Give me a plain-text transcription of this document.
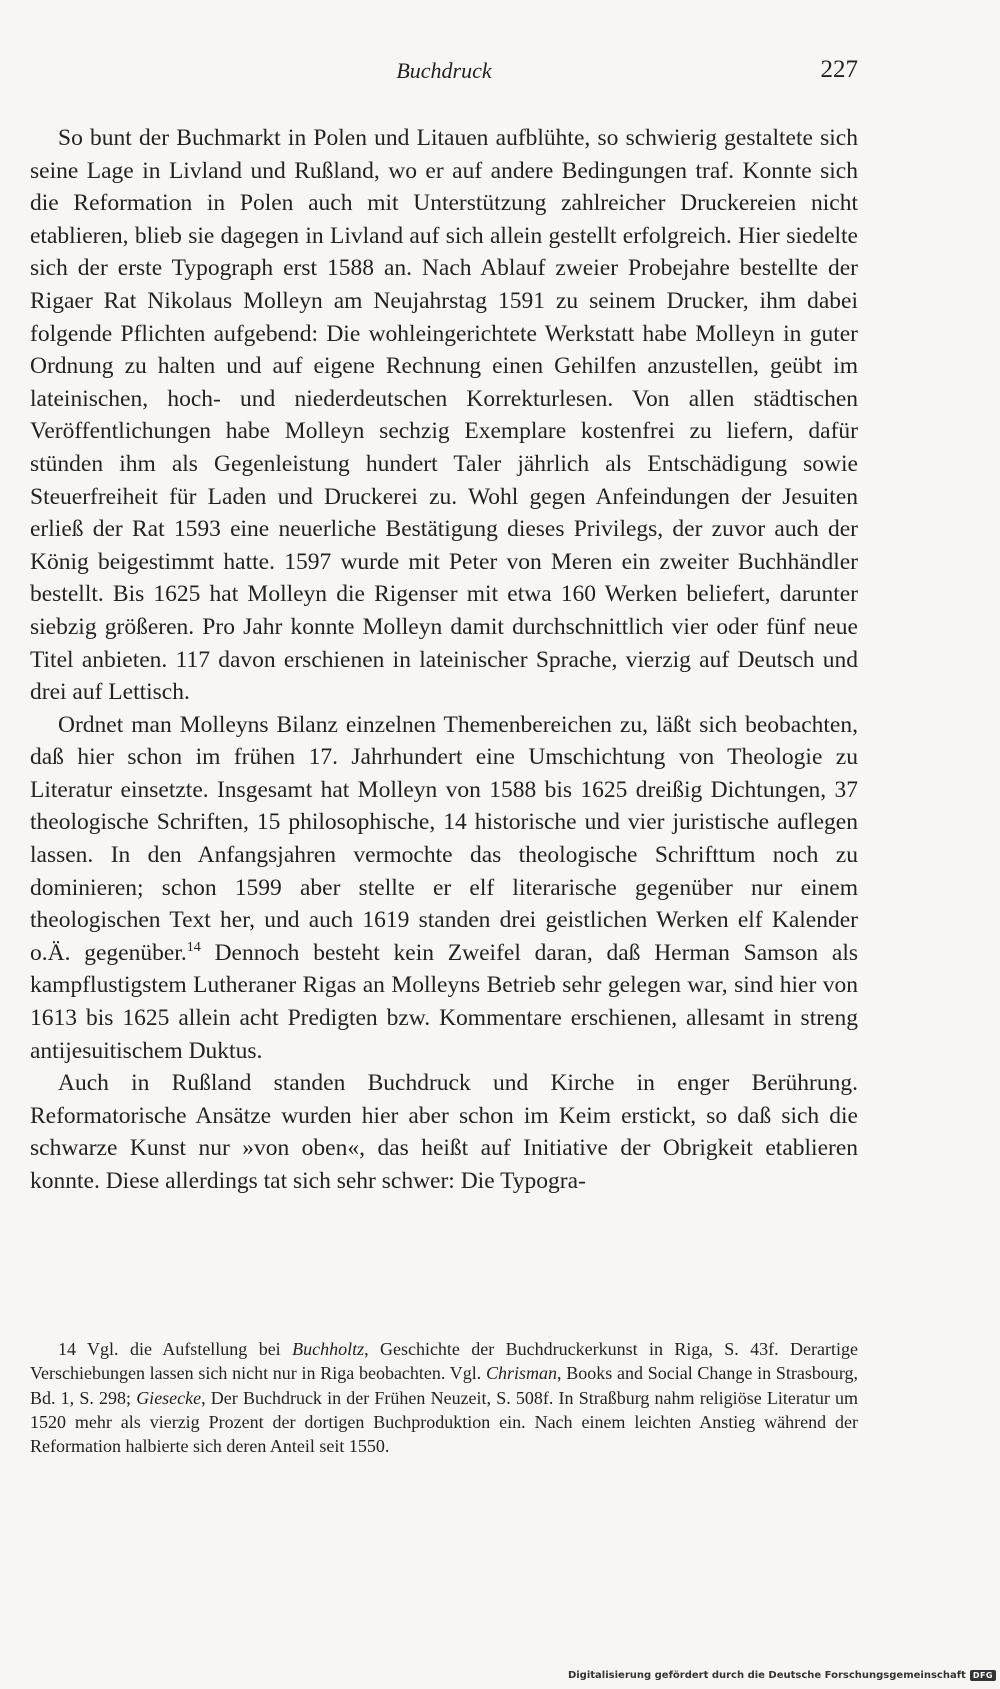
Buchdruck	227

So bunt der Buchmarkt in Polen und Litauen aufblühte, so schwierig gestaltete sich seine Lage in Livland und Rußland, wo er auf andere Bedingungen traf. Konnte sich die Reformation in Polen auch mit Unterstützung zahlreicher Druckereien nicht etablieren, blieb sie dagegen in Livland auf sich allein gestellt erfolgreich. Hier siedelte sich der erste Typograph erst 1588 an. Nach Ablauf zweier Probejahre bestellte der Rigaer Rat Nikolaus Molleyn am Neujahrstag 1591 zu seinem Drucker, ihm dabei folgende Pflichten aufgebend: Die wohleingerichtete Werkstatt habe Molleyn in guter Ordnung zu halten und auf eigene Rechnung einen Gehilfen anzustellen, geübt im lateinischen, hoch- und niederdeutschen Korrekturlesen. Von allen städtischen Veröffentlichungen habe Molleyn sechzig Exemplare kostenfrei zu liefern, dafür stünden ihm als Gegenleistung hundert Taler jährlich als Entschädigung sowie Steuerfreiheit für Laden und Druckerei zu. Wohl gegen Anfeindungen der Jesuiten erließ der Rat 1593 eine neuerliche Bestätigung dieses Privilegs, der zuvor auch der König beigestimmt hatte. 1597 wurde mit Peter von Meren ein zweiter Buchhändler bestellt. Bis 1625 hat Molleyn die Rigenser mit etwa 160 Werken beliefert, darunter siebzig größeren. Pro Jahr konnte Molleyn damit durchschnittlich vier oder fünf neue Titel anbieten. 117 davon erschienen in lateinischer Sprache, vierzig auf Deutsch und drei auf Lettisch.

Ordnet man Molleyns Bilanz einzelnen Themenbereichen zu, läßt sich beobachten, daß hier schon im frühen 17. Jahrhundert eine Umschichtung von Theologie zu Literatur einsetzte. Insgesamt hat Molleyn von 1588 bis 1625 dreißig Dichtungen, 37 theologische Schriften, 15 philosophische, 14 historische und vier juristische auflegen lassen. In den Anfangsjahren vermochte das theologische Schrifttum noch zu dominieren; schon 1599 aber stellte er elf literarische gegenüber nur einem theologischen Text her, und auch 1619 standen drei geistlichen Werken elf Kalender o.Ä. gegenüber.$^{14}$ Dennoch besteht kein Zweifel daran, daß Herman Samson als kampflustigstem Lutheraner Rigas an Molleyns Betrieb sehr gelegen war, sind hier von 1613 bis 1625 allein acht Predigten bzw. Kommentare erschienen, allesamt in streng antijesuitischem Duktus.

Auch in Rußland standen Buchdruck und Kirche in enger Berührung. Reformatorische Ansätze wurden hier aber schon im Keim erstickt, so daß sich die schwarze Kunst nur »von oben«, das heißt auf Initiative der Obrigkeit etablieren konnte. Diese allerdings tat sich sehr schwer: Die Typogra-

14 Vgl. die Aufstellung bei Buchholtz, Geschichte der Buchdruckerkunst in Riga, S. 43f. Derartige Verschiebungen lassen sich nicht nur in Riga beobachten. Vgl. Chrisman, Books and Social Change in Strasbourg, Bd. 1, S. 298; Giesecke, Der Buchdruck in der Frühen Neuzeit, S. 508f. In Straßburg nahm religiöse Literatur um 1520 mehr als vierzig Prozent der dortigen Buchproduktion ein. Nach einem leichten Anstieg während der Reformation halbierte sich deren Anteil seit 1550.

Digitalisierung gefördert durch die Deutsche Forschungsgemeinschaft DFG
